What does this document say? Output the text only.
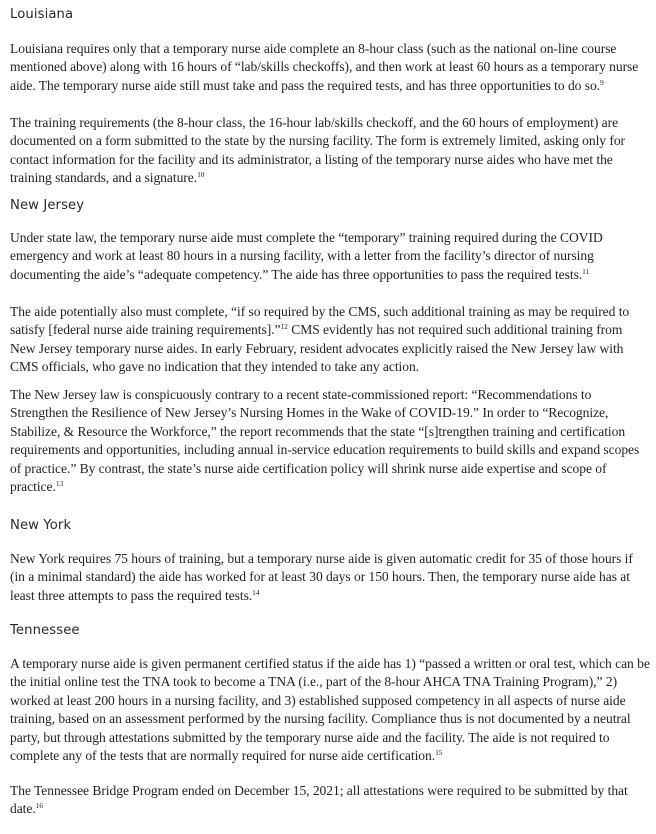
Louisiana

Louisiana requires only that a temporary nurse aide complete an 8-hour class (such as the national on-line course mentioned above) along with 16 hours of “lab/skills checkoffs), and then work at least 60 hours as a temporary nurse aide. The temporary nurse aide still must take and pass the required tests, and has three opportunities to do so.$^9$

The training requirements (the 8-hour class, the 16-hour lab/skills checkoff, and the 60 hours of employment) are documented on a form submitted to the state by the nursing facility. The form is extremely limited, asking only for contact information for the facility and its administrator, a listing of the temporary nurse aides who have met the training standards, and a signature.$^{10}$

New Jersey

Under state law, the temporary nurse aide must complete the “temporary” training required during the COVID emergency and work at least 80 hours in a nursing facility, with a letter from the facility’s director of nursing documenting the aide’s “adequate competency.” The aide has three opportunities to pass the required tests.$^{11}$

The aide potentially also must complete, “if so required by the CMS, such additional training as may be required to satisfy [federal nurse aide training requirements].”$^{12}$ CMS evidently has not required such additional training from New Jersey temporary nurse aides. In early February, resident advocates explicitly raised the New Jersey law with CMS officials, who gave no indication that they intended to take any action.

The New Jersey law is conspicuously contrary to a recent state-commissioned report: “Recommendations to Strengthen the Resilience of New Jersey’s Nursing Homes in the Wake of COVID-19.” In order to “Recognize, Stabilize, & Resource the Workforce,” the report recommends that the state “[s]trengthen training and certification requirements and opportunities, including annual in-service education requirements to build skills and expand scopes of practice.” By contrast, the state’s nurse aide certification policy will shrink nurse aide expertise and scope of practice.$^{13}$

New York

New York requires 75 hours of training, but a temporary nurse aide is given automatic credit for 35 of those hours if (in a minimal standard) the aide has worked for at least 30 days or 150 hours. Then, the temporary nurse aide has at least three attempts to pass the required tests.$^{14}$

Tennessee

A temporary nurse aide is given permanent certified status if the aide has 1) “passed a written or oral test, which can be the initial online test the TNA took to become a TNA (i.e., part of the 8-hour AHCA TNA Training Program),” 2) worked at least 200 hours in a nursing facility, and 3) established supposed competency in all aspects of nurse aide training, based on an assessment performed by the nursing facility. Compliance thus is not documented by a neutral party, but through attestations submitted by the temporary nurse aide and the facility. The aide is not required to complete any of the tests that are normally required for nurse aide certification.$^{15}$

The Tennessee Bridge Program ended on December 15, 2021; all attestations were required to be submitted by that date.$^{16}$
